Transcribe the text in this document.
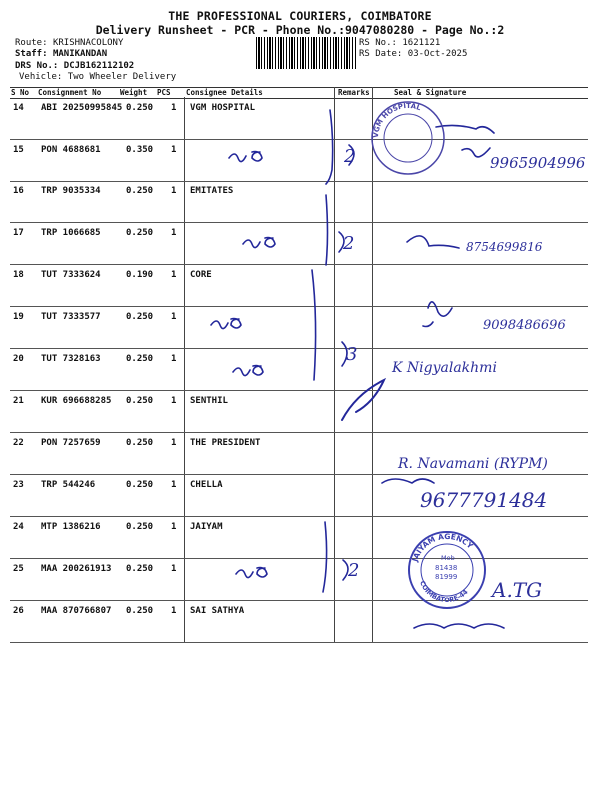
THE PROFESSIONAL COURIERS, COIMBATORE
Delivery Runsheet - PCR - Phone No.:9047080280 - Page No.:2
Route: KRISHNACOLONY
Staff: MANIKANDAN
DRS No.: DCJB162112102
Vehicle: Two Wheeler Delivery
RS No.: 1621121
RS Date: 03-Oct-2025
S No Consignment No	Weight PCS Consignee Details	Remarks	Seal & Signature
14 ABI 20250995845 0.250 1 VGM HOSPITAL
15 PON 4688681	0.350 1
16 TRP 9035334	0.250 1 EMITATES
17 TRP 1066685	0.250 1
18 TUT 7333624	0.190 1 CORE
19 TUT 7333577	0.250 1
20 TUT 7328163	0.250 1
21 KUR 696688285 0.250 1 SENTHIL
22 PON 7257659	0.250 1 THE PRESIDENT
23 TRP 544246	0.250 1 CHELLA
24 MTP 1386216	0.250 1 JAIYAM
25 MAA 200261913 0.250 1
26 MAA 870766807 0.250 1 SAI SATHYA
2
2
3
2
VGM HOSPITAL
JAIYAM AGENCY
COIMBATORE-44
Mob
81438
81999
9965904996
8754699816
9098486696
K Nigyalakhmi
R. Navamani (RYPM)
9677791484
A.TG
